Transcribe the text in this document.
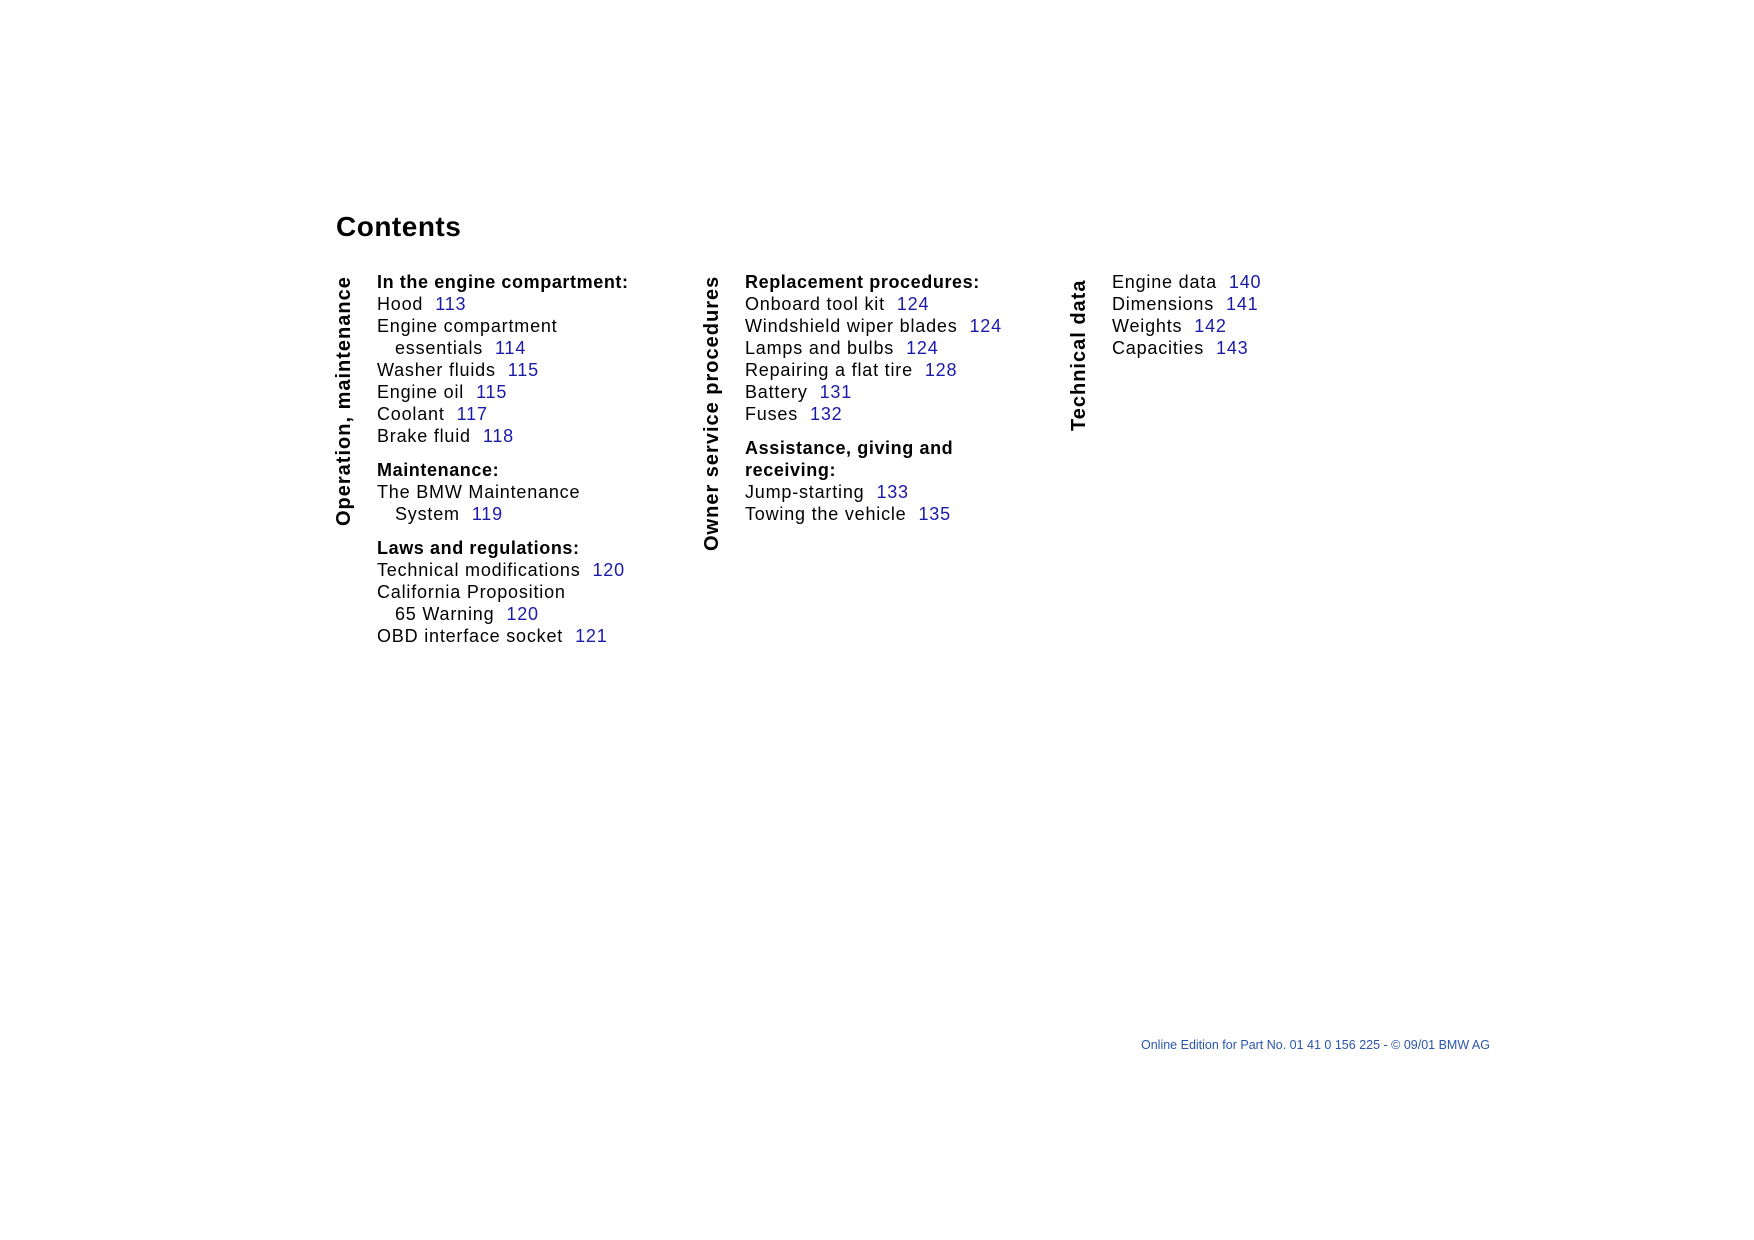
Contents
Operation, maintenance In the engine compartment:
Hood 113
Engine compartment
essentials 114
Washer fluids 115
Engine oil 115
Coolant 117
Brake fluid 118
Maintenance:
The BMW Maintenance
System 119
Laws and regulations:
Technical modifications 120
California Proposition
65 Warning 120
OBD interface socket 121
Owner service procedures Replacement procedures:
Onboard tool kit 124
Windshield wiper blades 124
Lamps and bulbs 124
Repairing a flat tire 128
Battery 131
Fuses 132
Assistance, giving and receiving:
Jump-starting 133
Towing the vehicle 135
Technical data Engine data 140
Dimensions 141
Weights 142
Capacities 143
Online Edition for Part No. 01 41 0 156 225 - © 09/01 BMW AG
